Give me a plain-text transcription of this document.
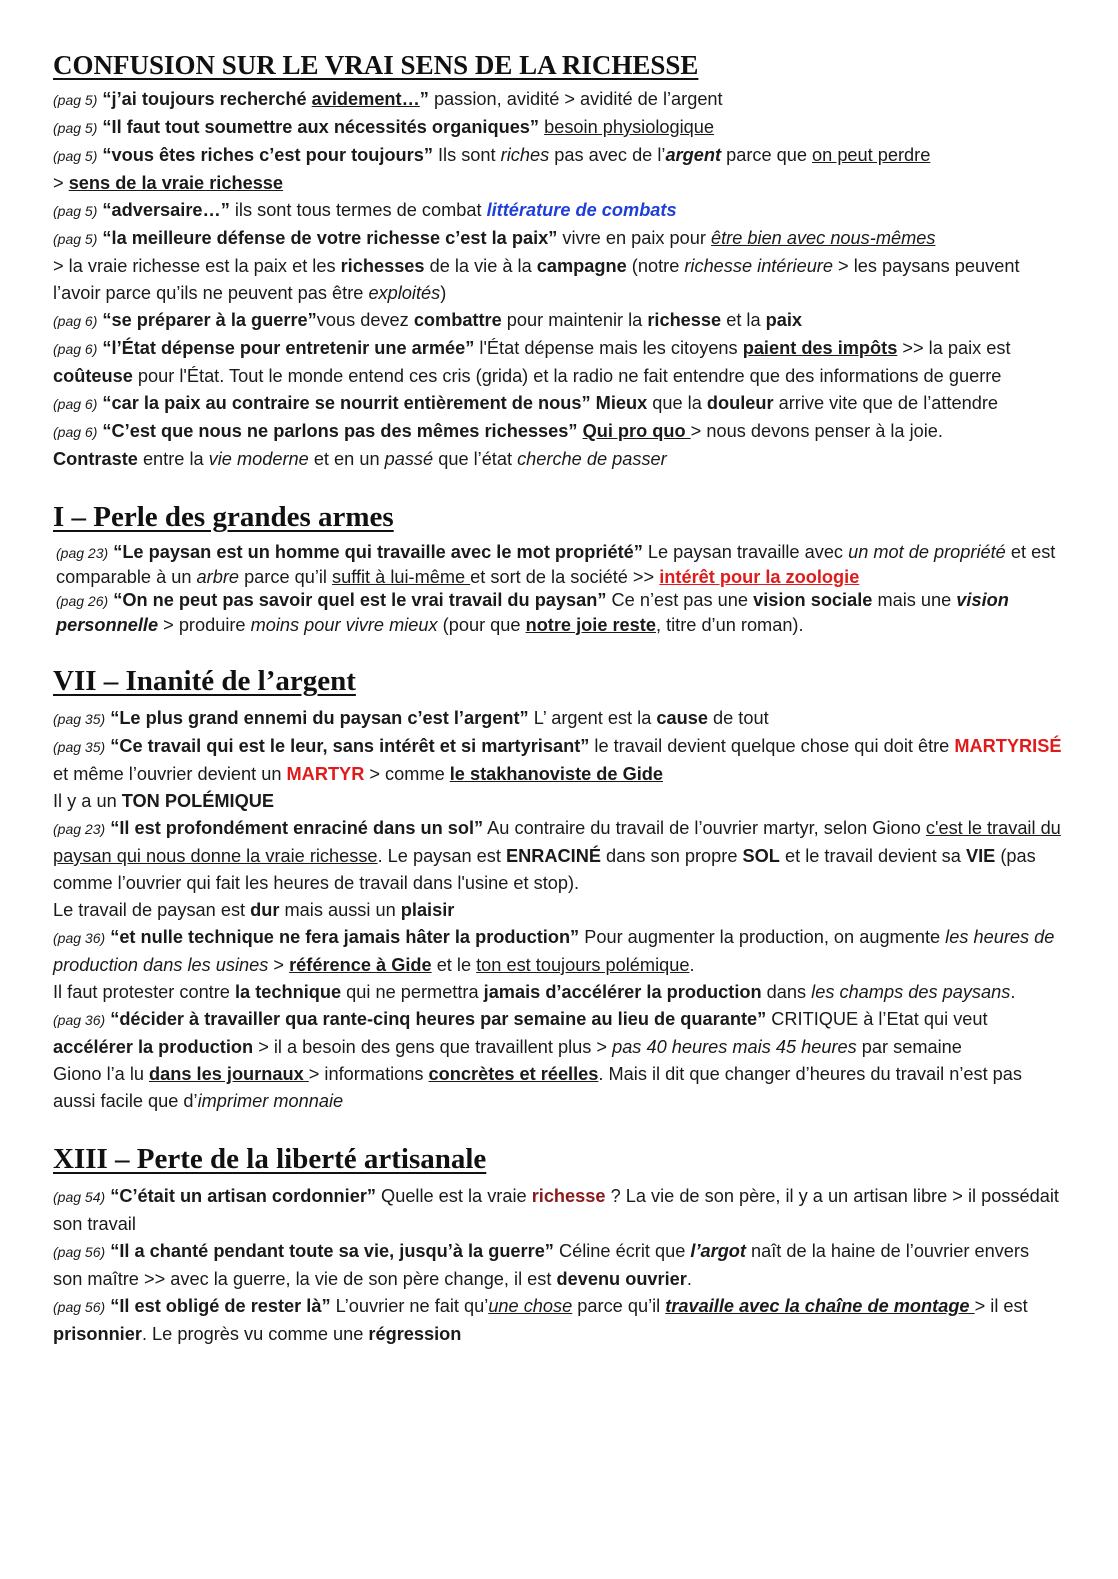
CONFUSION SUR LE VRAI SENS DE LA RICHESSE

(pag 5) “j’ai toujours recherché avidement…” passion, avidité > avidité de l’argent

(pag 5) “Il faut tout soumettre aux nécessités organiques” besoin physiologique

(pag 5) “vous êtes riches c’est pour toujours” Ils sont riches pas avec de l’argent parce que on peut perdre
> sens de la vraie richesse

(pag 5) “adversaire…” ils sont tous termes de combat littérature de combats

(pag 5) “la meilleure défense de votre richesse c’est la paix” vivre en paix pour être bien avec nous-mêmes
> la vraie richesse est la paix et les richesses de la vie à la campagne (notre richesse intérieure > les paysans peuvent l’avoir parce qu’ils ne peuvent pas être exploités)

(pag 6) “se préparer à la guerre”vous devez combattre pour maintenir la richesse et la paix

(pag 6) “l’État dépense pour entretenir une armée” l'État dépense mais les citoyens paient des impôts >> la paix est coûteuse pour l'État. Tout le monde entend ces cris (grida) et la radio ne fait entendre que des informations de guerre

(pag 6) “car la paix au contraire se nourrit entièrement de nous” Mieux que la douleur arrive vite que de l’attendre

(pag 6) “C’est que nous ne parlons pas des mêmes richesses” Qui pro quo > nous devons penser à la joie.

Contraste entre la vie moderne et en un passé que l’état cherche de passer

I – Perle des grandes armes

(pag 23) “Le paysan est un homme qui travaille avec le mot propriété” Le paysan travaille avec un mot de propriété et est comparable à un arbre parce qu’il suffit à lui-même et sort de la société >> intérêt pour la zoologie

(pag 26) “On ne peut pas savoir quel est le vrai travail du paysan” Ce n’est pas une vision sociale mais une vision personnelle > produire moins pour vivre mieux (pour que notre joie reste, titre d’un roman).

VII – Inanité de l’argent

(pag 35) “Le plus grand ennemi du paysan c’est l’argent” L’ argent est la cause de tout

(pag 35) “Ce travail qui est le leur, sans intérêt et si martyrisant” le travail devient quelque chose qui doit être MARTYRISÉ et même l’ouvrier devient un MARTYR > comme le stakhanoviste de Gide

Il y a un TON POLÉMIQUE

(pag 23) “Il est profondément enraciné dans un sol” Au contraire du travail de l’ouvrier martyr, selon Giono c'est le travail du paysan qui nous donne la vraie richesse. Le paysan est ENRACINÉ dans son propre SOL et le travail devient sa VIE (pas comme l’ouvrier qui fait les heures de travail dans l'usine et stop).

Le travail de paysan est dur mais aussi un plaisir

(pag 36) “et nulle technique ne fera jamais hâter la production” Pour augmenter la production, on augmente les heures de production dans les usines > référence à Gide et le ton est toujours polémique.

Il faut protester contre la technique qui ne permettra jamais d’accélérer la production dans les champs des paysans.

(pag 36) “décider à travailler qua rante-cinq heures par semaine au lieu de quarante” CRITIQUE à l’Etat qui veut accélérer la production > il a besoin des gens que travaillent plus > pas 40 heures mais 45 heures par semaine

Giono l’a lu dans les journaux > informations concrètes et réelles. Mais il dit que changer d’heures du travail n’est pas aussi facile que d’imprimer monnaie

XIII – Perte de la liberté artisanale

(pag 54) “C’était un artisan cordonnier” Quelle est la vraie richesse ? La vie de son père, il y a un artisan libre > il possédait son travail

(pag 56) “Il a chanté pendant toute sa vie, jusqu’à la guerre” Céline écrit que l’argot naît de la haine de l’ouvrier envers son maître >> avec la guerre, la vie de son père change, il est devenu ouvrier.

(pag 56) “Il est obligé de rester là” L’ouvrier ne fait qu’une chose parce qu’il travaille avec la chaîne de montage > il est prisonnier. Le progrès vu comme une régression
